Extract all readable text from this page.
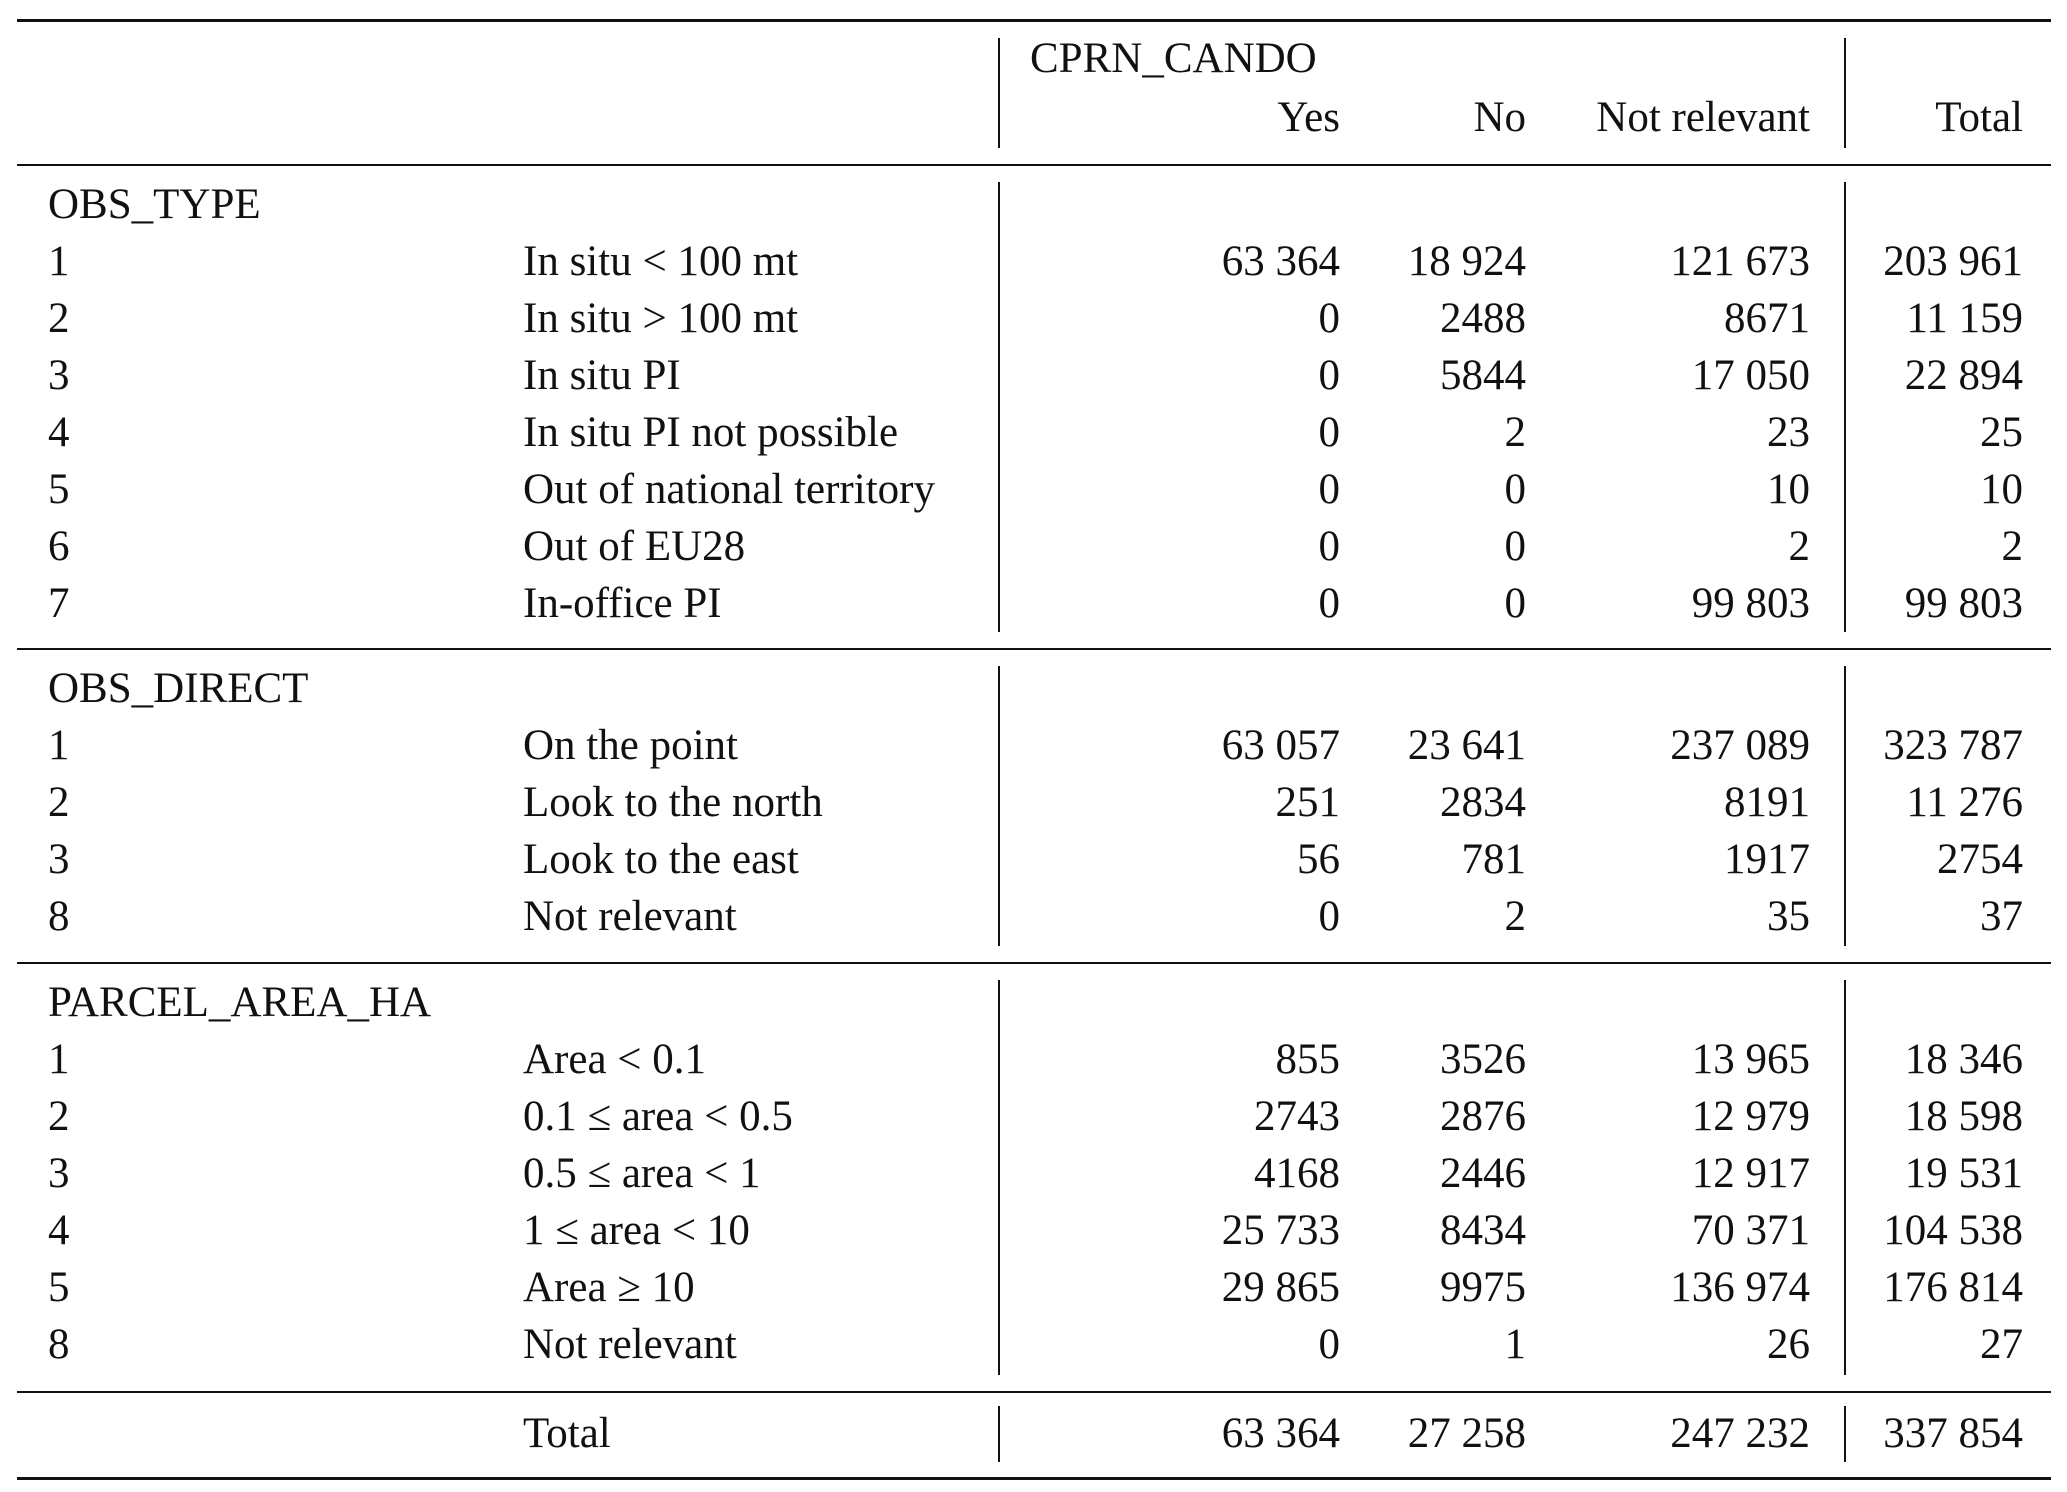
CPRN_CANDO
Yes	No	Not relevant	Total
OBS_TYPE
1	In situ < 100 mt	63 364	18 924	121 673	203 961
2	In situ > 100 mt	0	2488	8671	11 159
3	In situ PI	0	5844	17 050	22 894
4	In situ PI not possible	0	2	23	25
5	Out of national territory	0	0	10	10
6	Out of EU28	0	0	2	2
7	In-office PI	0	0	99 803	99 803
OBS_DIRECT
1	On the point	63 057	23 641	237 089	323 787
2	Look to the north	251	2834	8191	11 276
3	Look to the east	56	781	1917	2754
8	Not relevant	0	2	35	37
PARCEL_AREA_HA
1	Area < 0.1	855	3526	13 965	18 346
2	0.1 ≤ area < 0.5	2743	2876	12 979	18 598
3	0.5 ≤ area < 1	4168	2446	12 917	19 531
4	1 ≤ area < 10	25 733	8434	70 371	104 538
5	Area ≥ 10	29 865	9975	136 974	176 814
8	Not relevant	0	1	26	27
Total	63 364	27 258	247 232	337 854
